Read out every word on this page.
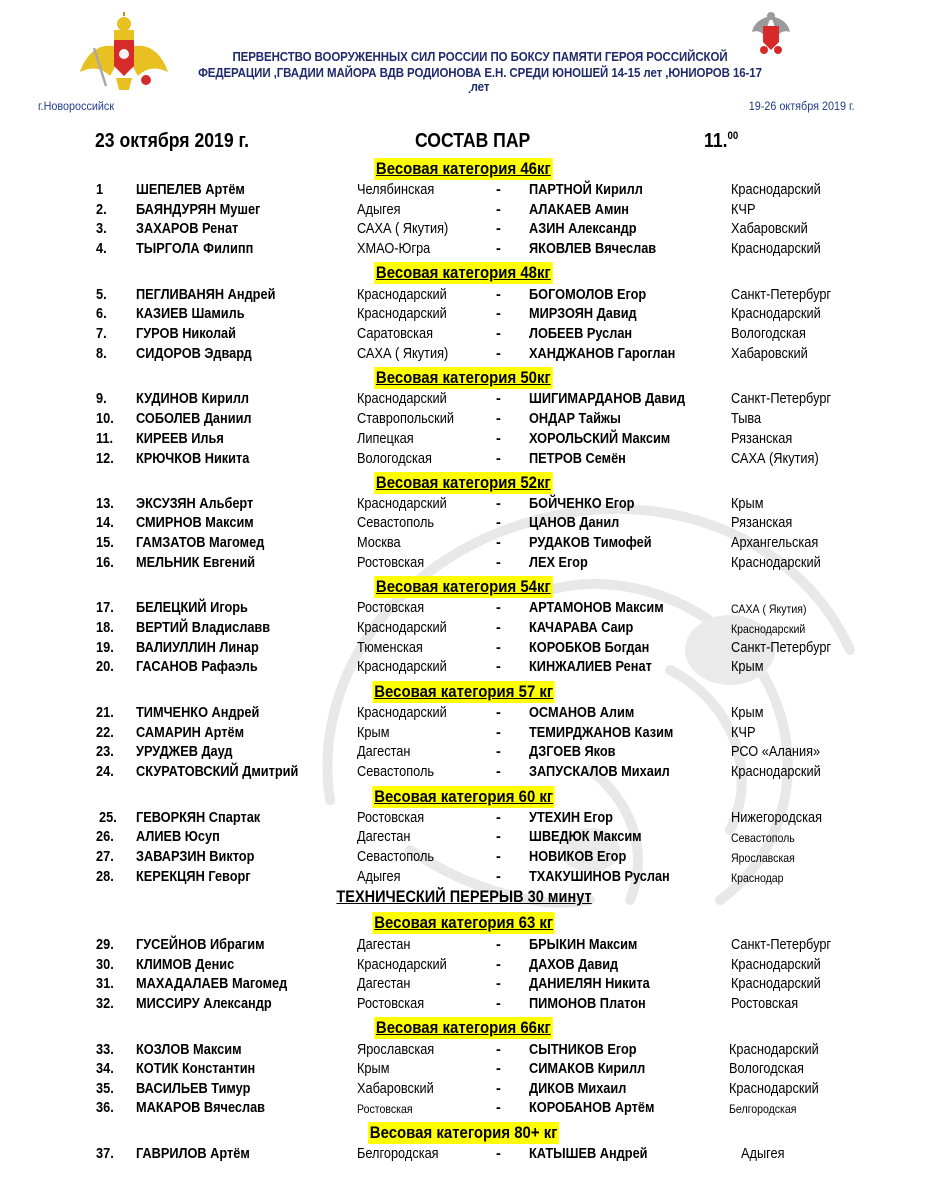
ПЕРВЕНСТВО ВООРУЖЕННЫХ СИЛ РОССИИ ПО БОКСУ ПАМЯТИ ГЕРОЯ РОССИЙСКОЙ
ФЕДЕРАЦИИ ,ГВАДИИ МАЙОРА ВДВ РОДИОНОВА Е.Н. СРЕДИ ЮНОШЕЙ 14-15 лет ,ЮНИОРОВ 16-17 лет
.
г.Новороссийск	19-26 октября 2019 г.
23 октября 2019 г.	СОСТАВ ПАР	11.00
Весовая категория 46кг
Весовая категория 48кг
Весовая категория 50кг
Весовая категория 52кг
Весовая категория 54кг
Весовая категория 57 кг
Весовая категория 60 кг
ТЕХНИЧЕСКИЙ ПЕРЕРЫВ 30 минут
Весовая категория 63 кг
Весовая категория 66кг
Весовая категория 80+ кг
1 ШЕПЕЛЕВ Артём	Челябинская	- ПАРТНОЙ Кирилл	Краснодарский
2. БАЯНДУРЯН Мушег	Адыгея	- АЛАКАЕВ Амин	КЧР
3. ЗАХАРОВ Ренат	САХА ( Якутия)	- АЗИН Александр	Хабаровский
4. ТЫРГОЛА Филипп	ХМАО-Югра	- ЯКОВЛЕВ Вячеслав	Краснодарский
5. ПЕГЛИВАНЯН Андрей	Краснодарский	- БОГОМОЛОВ Егор	Санкт-Петербург
6. КАЗИЕВ Шамиль	Краснодарский	- МИРЗОЯН Давид	Краснодарский
7. ГУРОВ Николай	Саратовская	- ЛОБЕЕВ Руслан	Вологодская
8. СИДОРОВ Эдвард	САХА ( Якутия)	- ХАНДЖАНОВ Гароглан	Хабаровский
9. КУДИНОВ Кирилл	Краснодарский	- ШИГИМАРДАНОВ Давид	Санкт-Петербург
10. СОБОЛЕВ Даниил	Ставропольский	- ОНДАР Тайжы	Тыва
11. КИРЕЕВ Илья	Липецкая	- ХОРОЛЬСКИЙ Максим	Рязанская
12. КРЮЧКОВ Никита	Вологодская	- ПЕТРОВ Семён	САХА (Якутия)
13. ЭКСУЗЯН Альберт	Краснодарский	- БОЙЧЕНКО Егор	Крым
14. СМИРНОВ Максим	Севастополь	- ЦАНОВ Данил	Рязанская
15. ГАМЗАТОВ Магомед	Москва	- РУДАКОВ Тимофей	Архангельская
16. МЕЛЬНИК Евгений	Ростовская	- ЛЕХ Егор	Краснодарский
17. БЕЛЕЦКИЙ Игорь	Ростовская	- АРТАМОНОВ Максим	САХА ( Якутия)
18. ВЕРТИЙ Владиславв	Краснодарский	- КАЧАРАВА Саир	Краснодарский
19. ВАЛИУЛЛИН Линар	Тюменская	- КОРОБКОВ Богдан	Санкт-Петербург
20. ГАСАНОВ Рафаэль	Краснодарский	- КИНЖАЛИЕВ Ренат	Крым
21. ТИМЧЕНКО Андрей	Краснодарский	- ОСМАНОВ Алим	Крым
22. САМАРИН Артём	Крым	- ТЕМИРДЖАНОВ Казим	КЧР
23. УРУДЖЕВ Дауд	Дагестан	- ДЗГОЕВ Яков	РСО «Алания»
24. СКУРАТОВСКИЙ Дмитрий	Севастополь	- ЗАПУСКАЛОВ Михаил	Краснодарский
25. ГЕВОРКЯН Спартак	Ростовская	- УТЕХИН Егор	Нижегородская
26. АЛИЕВ Юсуп	Дагестан	- ШВЕДЮК Максим	Севастополь
27. ЗАВАРЗИН Виктор	Севастополь	- НОВИКОВ Егор	Ярославская
28. КЕРЕКЦЯН Геворг	Адыгея	- ТХАКУШИНОВ Руслан	Краснодар
29. ГУСЕЙНОВ Ибрагим	Дагестан	- БРЫКИН Максим	Санкт-Петербург
30. КЛИМОВ Денис	Краснодарский	- ДАХОВ Давид	Краснодарский
31. МАХАДАЛАЕВ Магомед	Дагестан	- ДАНИЕЛЯН Никита	Краснодарский
32. МИССИРУ Александр	Ростовская	- ПИМОНОВ Платон	Ростовская
33. КОЗЛОВ Максим	Ярославская	- СЫТНИКОВ Егор	Краснодарский
34. КОТИК Константин	Крым	- СИМАКОВ Кирилл	Вологодская
35. ВАСИЛЬЕВ Тимур	Хабаровский	- ДИКОВ Михаил	Краснодарский
36. МАКАРОВ Вячеслав	Ростовская	- КОРОБАНОВ Артём	Белгородская
37. ГАВРИЛОВ Артём	Белгородская	- КАТЫШЕВ Андрей	Адыгея
